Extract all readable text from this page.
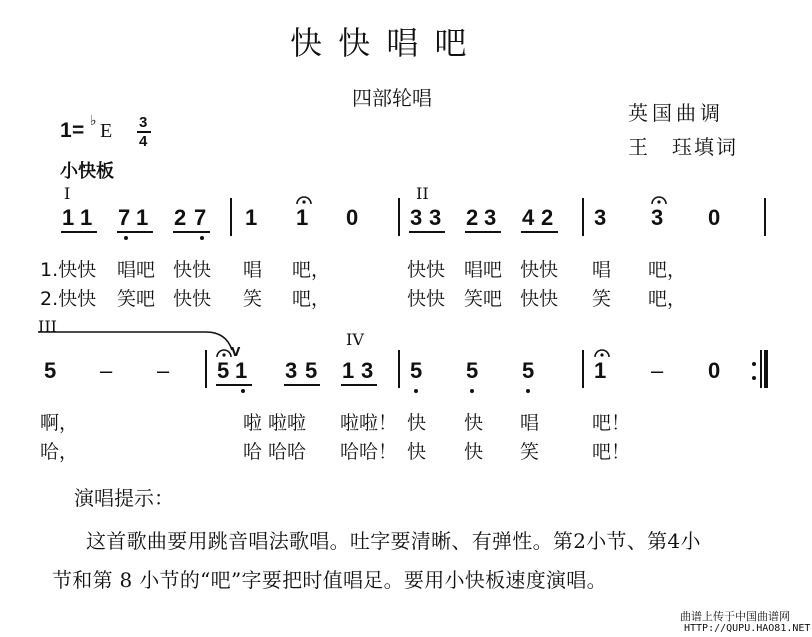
快 快 唱 吧
四部轮唱
英国曲调
王　珏填词
1 = ♭ E 3
4
小快板
I	II
III
IV
1 1 7 1 2 7 1 1 0 3 3 2 3 4 2 3 3 0
1.快快 唱吧 快快 唱 吧，	快快 唱吧 快快 唱 吧，
2.快快 笑吧 快快 笑 吧，	快快 笑吧 快快 笑 吧，
5 – –
V
5 1 3 5 1 3 5 5 5	1 – 0
啊，	啦 啦啦 啦啦！ 快 快 唱	吧！
哈，	哈 哈哈 哈哈！ 快 快 笑	吧！
演唱提示：
这首歌曲要用跳音唱法歌唱。吐字要清晰、有弹性。第2小节、第4小
节和第 8 小节的“吧”字要把时值唱足。要用小快板速度演唱。
曲谱上传于中国曲谱网
HTTP://QUPU.HAO81.NET
